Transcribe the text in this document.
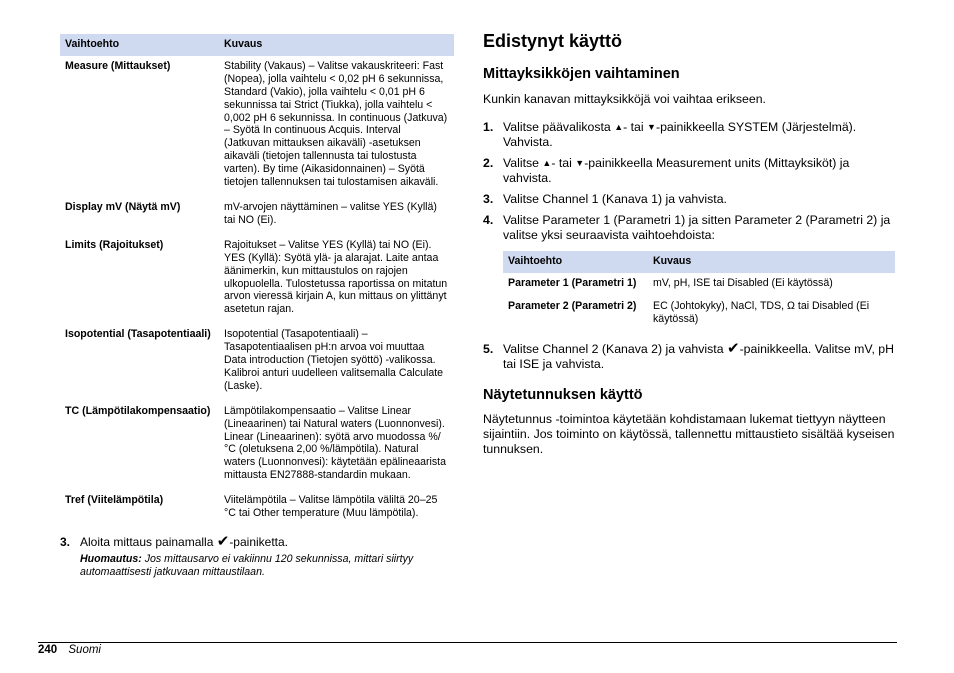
Vaihtoehto	Kuvaus
Measure (Mittaukset)	Stability (Vakaus) – Valitse vakauskriteeri: Fast (Nopea), jolla vaihtelu < 0,02 pH 6 sekunnissa, Standard (Vakio), jolla vaihtelu < 0,01 pH 6 sekunnissa tai Strict (Tiukka), jolla vaihtelu < 0,002 pH 6 sekunnissa. In continuous (Jatkuva) – Syötä In continuous Acquis. Interval (Jatkuvan mittauksen aikaväli) -asetuksen aikaväli (tietojen tallennusta tai tulostusta varten). By time (Aikasidonnainen) – Syötä tietojen tallennuksen tai tulostamisen aikaväli.
Display mV (Näytä mV)	mV-arvojen näyttäminen – valitse YES (Kyllä) tai NO (Ei).
Limits (Rajoitukset)	Rajoitukset – Valitse YES (Kyllä) tai NO (Ei). YES (Kyllä): Syötä ylä- ja alarajat. Laite antaa äänimerkin, kun mittaustulos on rajojen ulkopuolella. Tulostetussa raportissa on mitatun arvon vieressä kirjain A, kun mittaus on ylittänyt asetetun rajan.
Isopotential (Tasapotentiaali)	Isopotential (Tasapotentiaali) – Tasapotentiaalisen pH:n arvoa voi muuttaa Data introduction (Tietojen syöttö) -valikossa. Kalibroi anturi uudelleen valitsemalla Calculate (Laske).
TC (Lämpötilakompensaatio)	Lämpötilakompensaatio – Valitse Linear (Lineaarinen) tai Natural waters (Luonnonvesi). Linear (Lineaarinen): syötä arvo muodossa %/°C (oletuksena 2,00 %/lämpötila). Natural waters (Luonnonvesi): käytetään epälineaarista mittausta EN27888-standardin mukaan.
Tref (Viitelämpötila)	Viitelämpötila – Valitse lämpötila väliltä 20–25 °C tai Other temperature (Muu lämpötila).
3. Aloita mittaus painamalla ✔-painiketta.
Huomautus: Jos mittausarvo ei vakiinnu 120 sekunnissa, mittari siirtyy automaattisesti jatkuvaan mittaustilaan.
Edistynyt käyttö
Mittayksikköjen vaihtaminen
Kunkin kanavan mittayksikköjä voi vaihtaa erikseen.
1. Valitse päävalikosta ▲- tai ▼-painikkeella SYSTEM (Järjestelmä). Vahvista.
2. Valitse ▲- tai ▼-painikkeella Measurement units (Mittayksiköt) ja vahvista.
3. Valitse Channel 1 (Kanava 1) ja vahvista.
4. Valitse Parameter 1 (Parametri 1) ja sitten Parameter 2 (Parametri 2) ja valitse yksi seuraavista vaihtoehdoista:
Vaihtoehto	Kuvaus
Parameter 1 (Parametri 1)	mV, pH, ISE tai Disabled (Ei käytössä)
Parameter 2 (Parametri 2)	EC (Johtokyky), NaCl, TDS, Ω tai Disabled (Ei käytössä)
5. Valitse Channel 2 (Kanava 2) ja vahvista ✔-painikkeella. Valitse mV, pH tai ISE ja vahvista.
Näytetunnuksen käyttö
Näytetunnus -toimintoa käytetään kohdistamaan lukemat tiettyyn näytteen sijaintiin. Jos toiminto on käytössä, tallennettu mittaustieto sisältää kyseisen tunnuksen.
240 Suomi
